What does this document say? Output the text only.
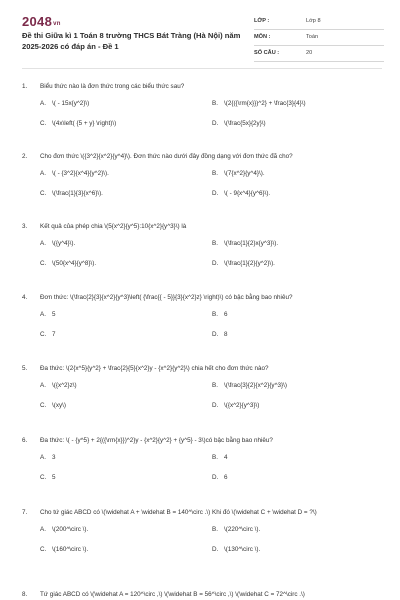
2048vn
Đề thi Giữa kì 1 Toán 8 trường THCS Bát Tràng (Hà Nội) năm 2025-2026 có đáp án - Đề 1
LỚP :	Lớp 8
MÔN :	Toán
SỐ CÂU :	20
1. Biểu thức nào là đơn thức trong các biểu thức sau?
A. \( - 15x{y^2}\)	B. \(2{({\rm{x}})^2} + \frac{3}{4}\)
C. \(4x\left( {5 + y} \right)\)	D. \(\frac{5x}{2y}\)
2. Cho đơn thức \({3^2}{x^2}{y^4}\). Đơn thức nào dưới đây đồng dạng với đơn thức đã cho?
A. \( - {3^2}{x^4}{y^2}\).	B. \(7{x^2}{y^4}\).
C. \(\frac{1}{3}{x^6}\).	D. \( - 9{x^4}{y^6}\).
3. Kết quả của phép chia \(5{x^2}{y^5}:10{x^2}{y^3}\) là
A. \({y^4}\).	B. \(\frac{1}{2}x{y^3}\).
C. \(50{x^4}{y^8}\).	D. \(\frac{1}{2}{y^2}\).
4. Đơn thức: \(\frac{2}{3}{x^2}{y^3}\left( {\frac{{ - 5}}{3}{x^2}z} \right)\) có bậc bằng bao nhiêu?
A. 5	B. 6
C. 7	D. 8
5. Đa thức: \(2{x^5}{y^2} + \frac{2}{5}{x^2}y - {x^2}{y^2}\) chia hết cho đơn thức nào?
A. \({x^2}z\)	B. \(\frac{3}{2}{x^2}{y^3}\)
C. \(xy\)	D. \({x^2}{y^3}\)
6. Đa thức: \( - {y^5} + 2{({\rm{x}})^2}y - {x^2}{y^2} + {y^5} - 3\)có bậc bằng bao nhiêu?
A. 3	B. 4
C. 5	D. 6
7. Cho tứ giác ABCD có \(\widehat A + \widehat B = 140^\circ .\) Khi đó \(\widehat C + \widehat D = ?\)
A. \(200^\circ \).	B. \(220^\circ \).
C. \(160^\circ \).	D. \(130^\circ \).
8. Tứ giác ABCD có \(\widehat A = 120^\circ ,\) \(\widehat B = 56^\circ ,\) \(\widehat C = 72^\circ .\)
